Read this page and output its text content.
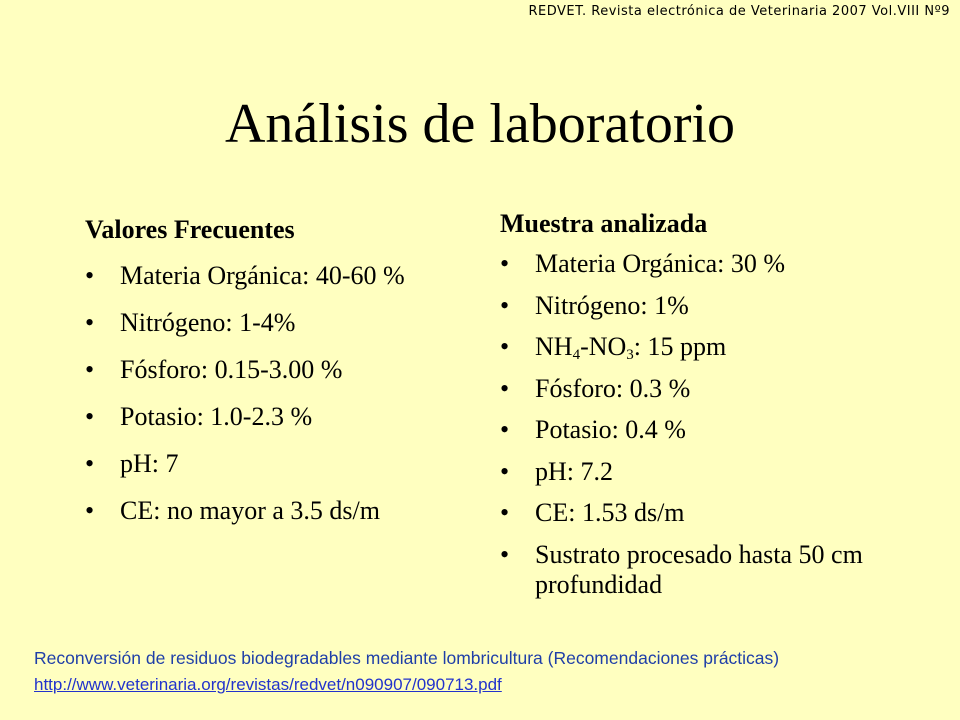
REDVET. Revista electrónica de Veterinaria 2007 Vol.VIII Nº9
Análisis de laboratorio
Valores Frecuentes
• Materia Orgánica: 40-60 %
• Nitrógeno: 1-4%
• Fósforo: 0.15-3.00 %
• Potasio: 1.0-2.3 %
• pH: 7
• CE: no mayor a 3.5 ds/m
Muestra analizada
• Materia Orgánica: 30 %
• Nitrógeno: 1%
• $NH_4-NO_3$: 15 ppm
• Fósforo: 0.3 %
• Potasio: 0.4 %
• pH: 7.2
• CE: 1.53 ds/m
• Sustrato procesado hasta 50 cm profundidad
Reconversión de residuos biodegradables mediante lombricultura (Recomendaciones prácticas)
http://www.veterinaria.org/revistas/redvet/n090907/090713.pdf
